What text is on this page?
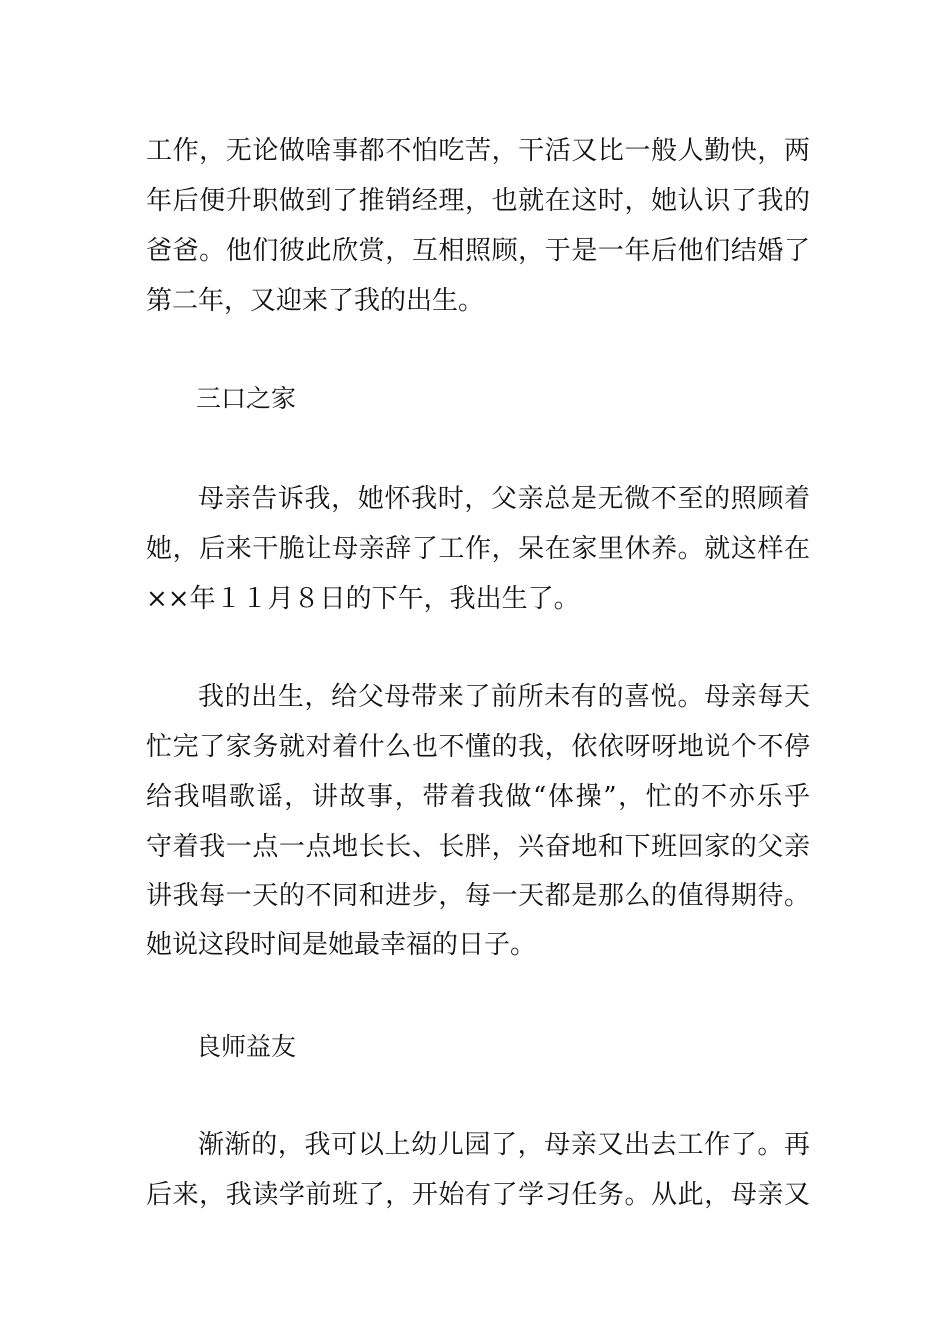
工作，无论做啥事都不怕吃苦，干活又比一般人勤快，两
年后便升职做到了推销经理，也就在这时，她认识了我的
爸爸。他们彼此欣赏，互相照顾，于是一年后他们结婚了
第二年，又迎来了我的出生。
三口之家
母亲告诉我，她怀我时，父亲总是无微不至的照顾着
她，后来干脆让母亲辞了工作，呆在家里休养。就这样在
××年１１月８日的下午，我出生了。
我的出生，给父母带来了前所未有的喜悦。母亲每天
忙完了家务就对着什么也不懂的我，依依呀呀地说个不停
给我唱歌谣，讲故事，带着我做“体操”，忙的不亦乐乎
守着我一点一点地长长、长胖，兴奋地和下班回家的父亲
讲我每一天的不同和进步，每一天都是那么的值得期待。
她说这段时间是她最幸福的日子。
良师益友
渐渐的，我可以上幼儿园了，母亲又出去工作了。再
后来，我读学前班了，开始有了学习任务。从此，母亲又
